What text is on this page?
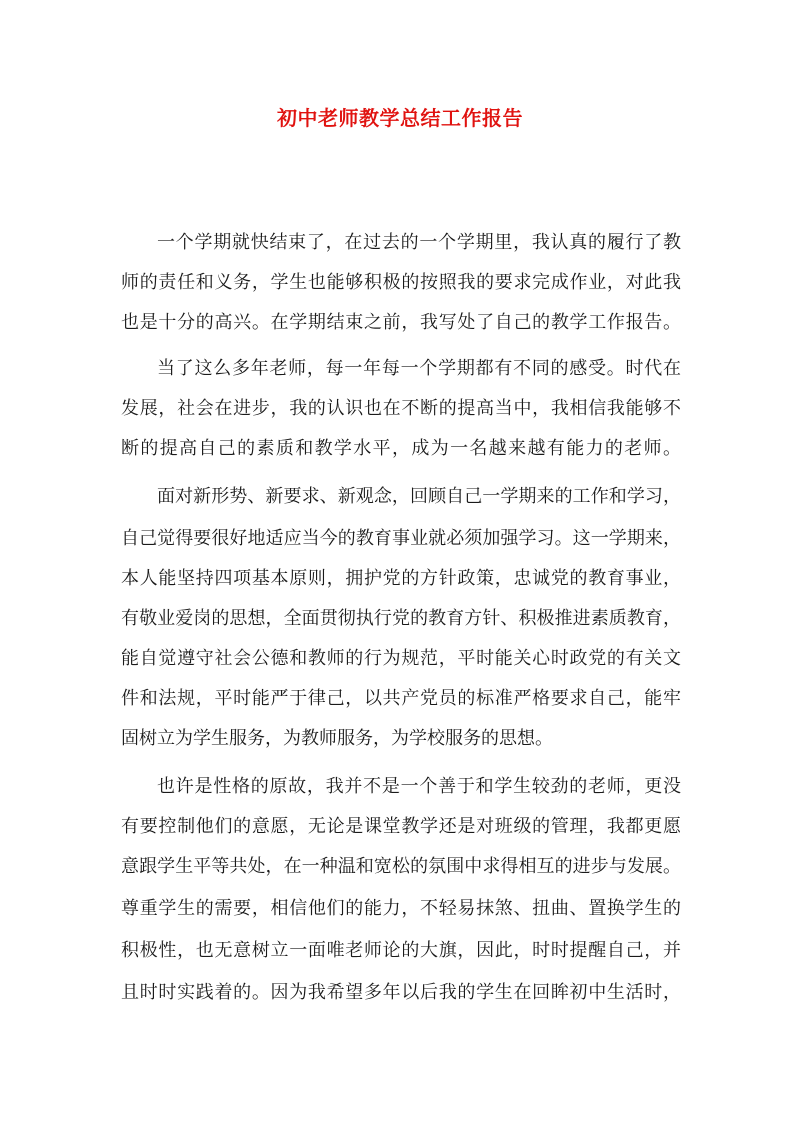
初中老师教学总结工作报告
一个学期就快结束了，在过去的一个学期里，我认真的履行了教
师的责任和义务，学生也能够积极的按照我的要求完成作业，对此我
也是十分的高兴。在学期结束之前，我写处了自己的教学工作报告。
当了这么多年老师，每一年每一个学期都有不同的感受。时代在
发展，社会在进步，我的认识也在不断的提高当中，我相信我能够不
断的提高自己的素质和教学水平，成为一名越来越有能力的老师。
面对新形势、新要求、新观念，回顾自己一学期来的工作和学习，
自己觉得要很好地适应当今的教育事业就必须加强学习。这一学期来，
本人能坚持四项基本原则，拥护党的方针政策，忠诚党的教育事业，
有敬业爱岗的思想，全面贯彻执行党的教育方针、积极推进素质教育，
能自觉遵守社会公德和教师的行为规范，平时能关心时政党的有关文
件和法规，平时能严于律己，以共产党员的标准严格要求自己，能牢
固树立为学生服务，为教师服务，为学校服务的思想。
也许是性格的原故，我并不是一个善于和学生较劲的老师，更没
有要控制他们的意愿，无论是课堂教学还是对班级的管理，我都更愿
意跟学生平等共处，在一种温和宽松的氛围中求得相互的进步与发展。
尊重学生的需要，相信他们的能力，不轻易抹煞、扭曲、置换学生的
积极性，也无意树立一面唯老师论的大旗，因此，时时提醒自己，并
且时时实践着的。因为我希望多年以后我的学生在回眸初中生活时，
